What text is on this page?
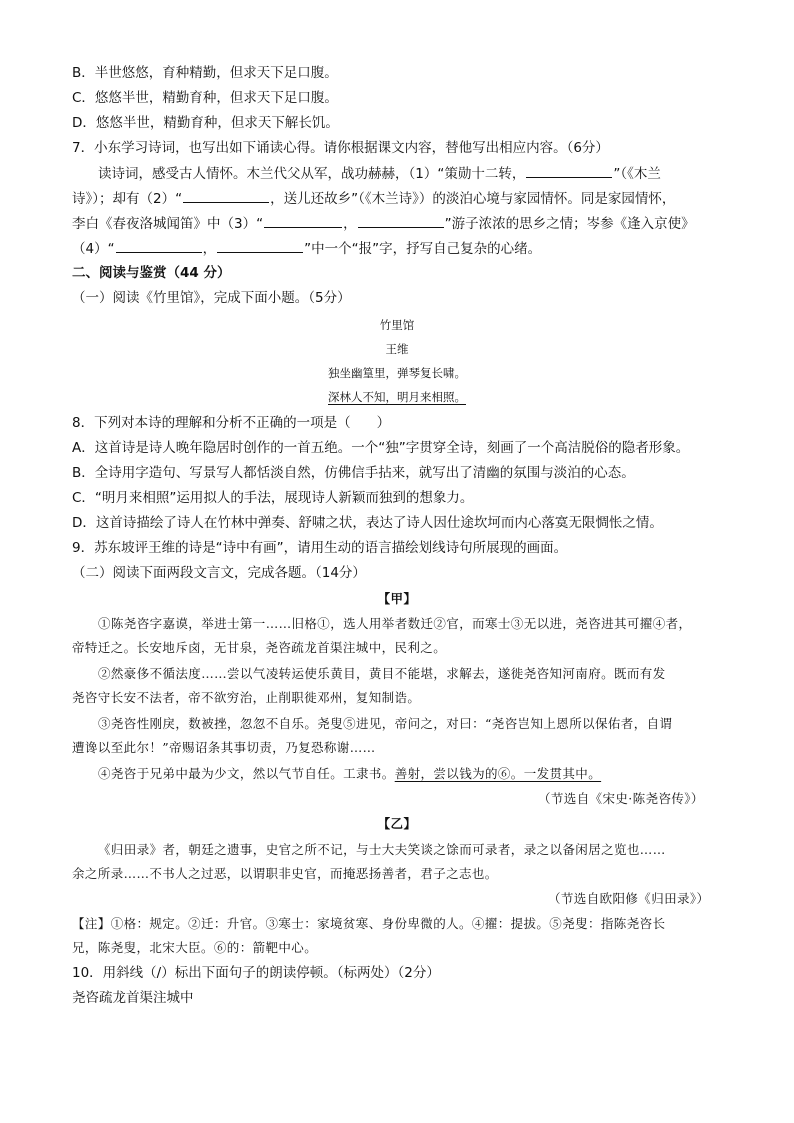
B．半世悠悠，育种精勤，但求天下足口腹。
C．悠悠半世，精勤育种，但求天下足口腹。
D．悠悠半世，精勤育种，但求天下解长饥。
7．小东学习诗词，也写出如下诵读心得。请你根据课文内容，替他写出相应内容。（6分）
读诗词，感受古人情怀。木兰代父从军，战功赫赫，（1）“策勋十二转，	”（《木兰
诗》）；却有（2）“	，送儿还故乡”（《木兰诗》）的淡泊心境与家园情怀。同是家园情怀，
李白《春夜洛城闻笛》中（3）“	，	”游子浓浓的思乡之情；岑参《逢入京使》
（4）“	，	”中一个“报”字，抒写自己复杂的心绪。
二、阅读与鉴赏（44 分）
（一）阅读《竹里馆》，完成下面小题。（5分）
竹里馆
王维
独坐幽篁里，弹琴复长啸。
深林人不知，明月来相照。
8．下列对本诗的理解和分析不正确的一项是（ ）
A．这首诗是诗人晚年隐居时创作的一首五绝。一个“独”字贯穿全诗，刻画了一个高洁脱俗的隐者形象。
B．全诗用字造句、写景写人都恬淡自然，仿佛信手拈来，就写出了清幽的氛围与淡泊的心态。
C．“明月来相照”运用拟人的手法，展现诗人新颖而独到的想象力。
D．这首诗描绘了诗人在竹林中弹奏、舒啸之状，表达了诗人因仕途坎坷而内心落寞无限惆怅之情。
9．苏东坡评王维的诗是“诗中有画”，请用生动的语言描绘划线诗句所展现的画面。
（二）阅读下面两段文言文，完成各题。（14分）
【甲】
①陈尧咨字嘉谟，举进士第一……旧格①，选人用举者数迁②官，而寒士③无以进，尧咨进其可擢④者，
帝特迁之。长安地斥卤，无甘泉，尧咨疏龙首渠注城中，民利之。
②然豪侈不循法度……尝以气凌转运使乐黄目，黄目不能堪，求解去，遂徙尧咨知河南府。既而有发
尧咨守长安不法者，帝不欲穷治，止削职徙邓州，复知制诰。
③尧咨性刚戾，数被挫，忽忽不自乐。尧叟⑤进见，帝问之，对曰：“尧咨岂知上恩所以保佑者，自谓
遭谗以至此尔！”帝赐诏条其事切责，乃复恐称谢……
④尧咨于兄弟中最为少文，然以气节自任。工隶书。善射，尝以钱为的⑥。一发贯其中。
（节选自《宋史·陈尧咨传》）
【乙】
《归田录》者，朝廷之遗事，史官之所不记，与士大夫笑谈之馀而可录者，录之以备闲居之览也……
余之所录……不书人之过恶，以谓职非史官，而掩恶扬善者，君子之志也。
（节选自欧阳修《归田录》）
【注】①格：规定。②迁：升官。③寒士：家境贫寒、身份卑微的人。④擢：提拔。⑤尧叟：指陈尧咨长
兄，陈尧叟，北宋大臣。⑥的：箭靶中心。
10．用斜线（/）标出下面句子的朗读停顿。（标两处）（2分）
尧咨疏龙首渠注城中
